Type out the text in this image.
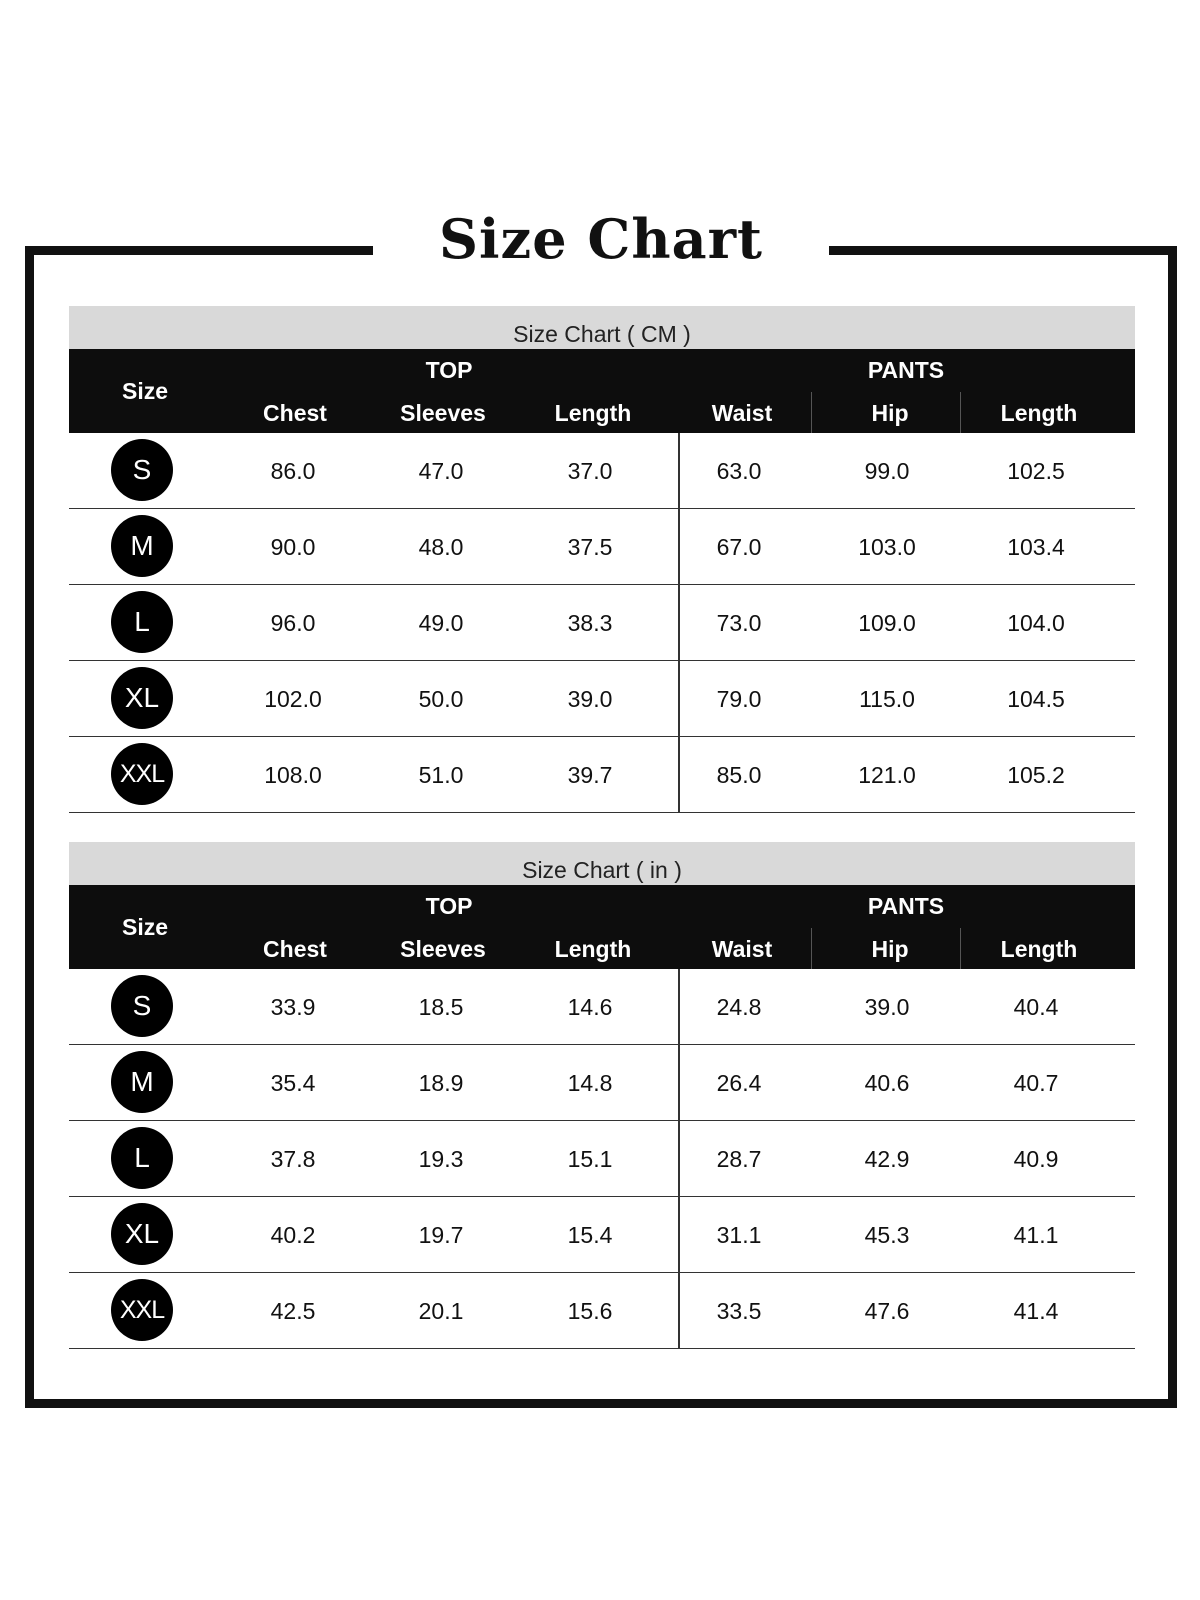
Size Chart
Size Chart ( CM )
Size
TOP	PANTS
Chest	Sleeves	Length	Waist	Hip	Length
S	86.0	47.0	37.0	63.0	99.0	102.5
M	90.0	48.0	37.5	67.0	103.0	103.4
L	96.0	49.0	38.3	73.0	109.0	104.0
XL	102.0	50.0	39.0	79.0	115.0	104.5
XXL	108.0	51.0	39.7	85.0	121.0	105.2
Size Chart ( in )
Size
TOP	PANTS
Chest	Sleeves	Length	Waist	Hip	Length
S	33.9	18.5	14.6	24.8	39.0	40.4
M	35.4	18.9	14.8	26.4	40.6	40.7
L	37.8	19.3	15.1	28.7	42.9	40.9
XL	40.2	19.7	15.4	31.1	45.3	41.1
XXL	42.5	20.1	15.6	33.5	47.6	41.4
